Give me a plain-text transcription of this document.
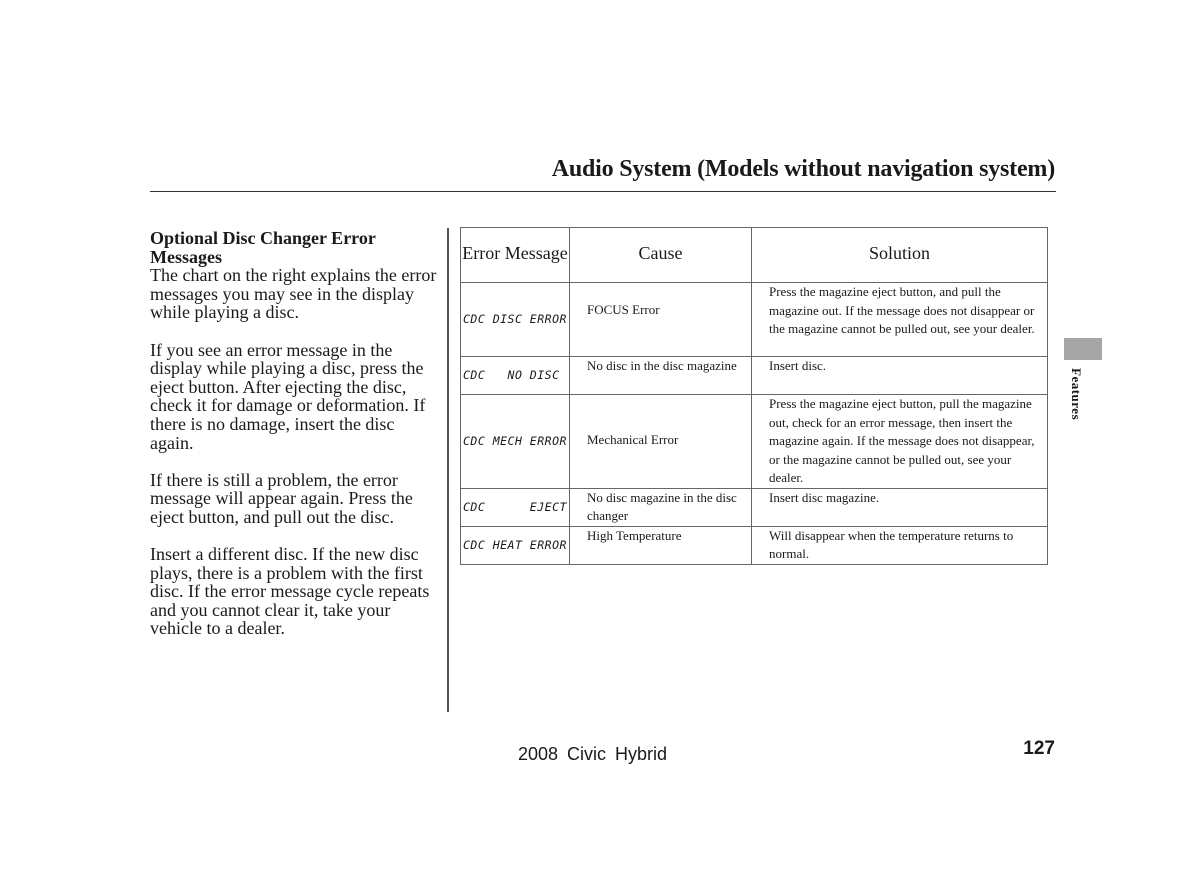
Audio System (Models without navigation system)
Optional Disc Changer Error Messages

The chart on the right explains the error messages you may see in the display while playing a disc.

If you see an error message in the display while playing a disc, press the eject button. After ejecting the disc, check it for damage or deformation. If there is no damage, insert the disc again.

If there is still a problem, the error message will appear again. Press the eject button, and pull out the disc.

Insert a different disc. If the new disc plays, there is a problem with the first disc. If the error message cycle repeats and you cannot clear it, take your vehicle to a dealer.

Error Message	Cause	Solution
CDC DISC ERROR	FOCUS Error	Press the magazine eject button, and pull the magazine out. If the message does not disappear or the magazine cannot be pulled out, see your dealer.
CDC   NO DISC	No disc in the disc magazine	Insert disc.
CDC MECH ERROR	Mechanical Error	Press the magazine eject button, pull the magazine out, check for an error message, then insert the magazine again. If the message does not disappear, or the magazine cannot be pulled out, see your dealer.
CDC      EJECT	No disc magazine in the disc changer	Insert disc magazine.
CDC HEAT ERROR	High Temperature	Will disappear when the temperature returns to normal.
Features
2008 Civic Hybrid	127
